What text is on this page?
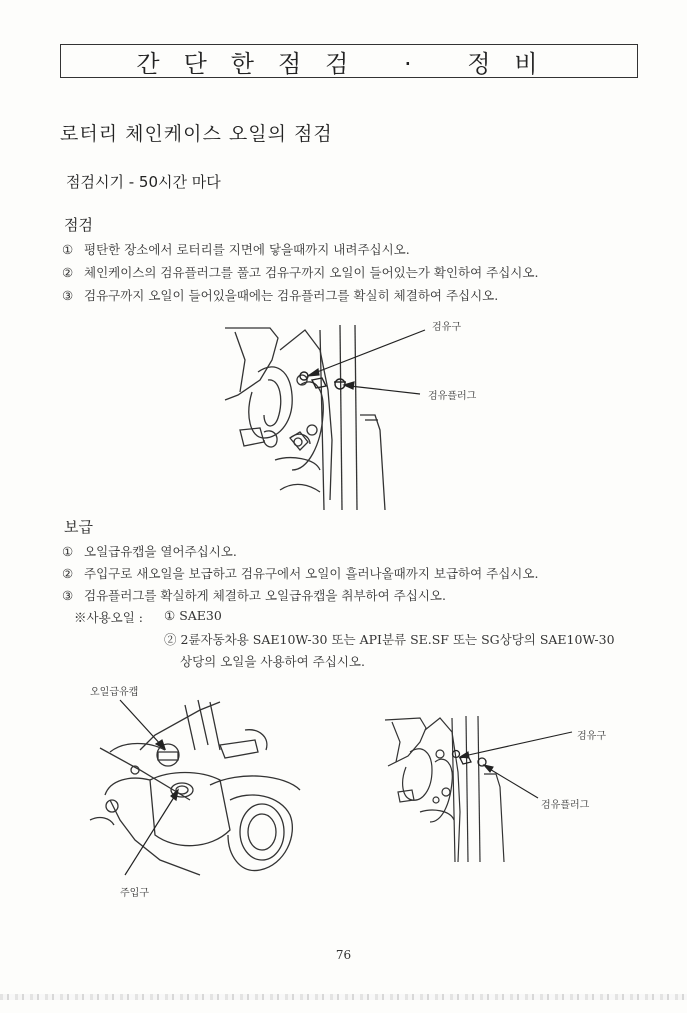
간단한점검 · 정비
로터리 체인케이스 오일의 점검
점검시기 - 50시간 마다
점검
① 평탄한 장소에서 로터리를 지면에 닿을때까지 내려주십시오.
② 체인케이스의 검유플러그를 풀고 검유구까지 오일이 들어있는가 확인하여 주십시오.
③ 검유구까지 오일이 들어있을때에는 검유플러그를 확실히 체결하여 주십시오.
검유구
검유플러그
보급
① 오일급유캡을 열어주십시오.
② 주입구로 새오일을 보급하고 검유구에서 오일이 흘러나올때까지 보급하여 주십시오.
③ 검유플러그를 확실하게 체결하고 오일급유캡을 취부하여 주십시오.
※사용오일 : ① SAE30
② 2륜자동차용 SAE10W-30 또는 API분류 SE.SF 또는 SG상당의 SAE10W-30
상당의 오일을 사용하여 주십시오.
오일급유캡
주입구
검유구
검유플러그
76
